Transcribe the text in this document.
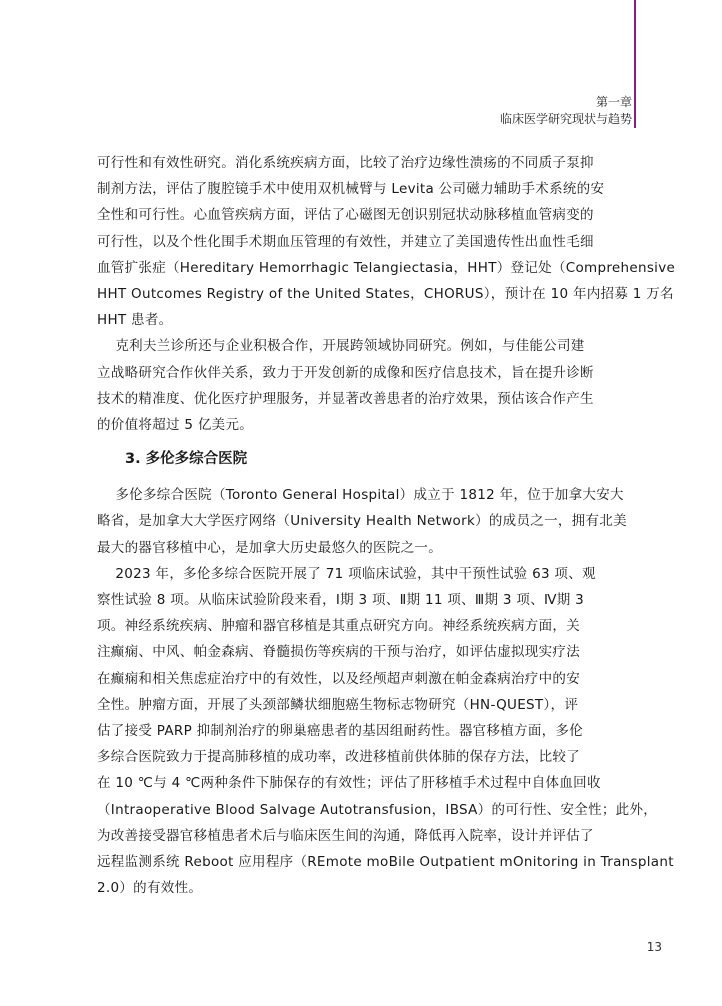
第一章
临床医学研究现状与趋势
可行性和有效性研究。消化系统疾病方面，比较了治疗边缘性溃疡的不同质子泵抑
制剂方法，评估了腹腔镜手术中使用双机械臂与 Levita 公司磁力辅助手术系统的安
全性和可行性。心血管疾病方面，评估了心磁图无创识别冠状动脉移植血管病变的
可行性，以及个性化围手术期血压管理的有效性，并建立了美国遗传性出血性毛细
血管扩张症（Hereditary Hemorrhagic Telangiectasia，HHT）登记处（Comprehensive
HHT Outcomes Registry of the United States，CHORUS），预计在 10 年内招募 1 万名
HHT 患者。
克利夫兰诊所还与企业积极合作，开展跨领域协同研究。例如，与佳能公司建
立战略研究合作伙伴关系，致力于开发创新的成像和医疗信息技术，旨在提升诊断
技术的精准度、优化医疗护理服务，并显著改善患者的治疗效果，预估该合作产生
的价值将超过 5 亿美元。
3. 多伦多综合医院
多伦多综合医院（Toronto General Hospital）成立于 1812 年，位于加拿大安大
略省，是加拿大大学医疗网络（University Health Network）的成员之一，拥有北美
最大的器官移植中心，是加拿大历史最悠久的医院之一。
2023 年，多伦多综合医院开展了 71 项临床试验，其中干预性试验 63 项、观
察性试验 8 项。从临床试验阶段来看，Ⅰ期 3 项、Ⅱ期 11 项、Ⅲ期 3 项、Ⅳ期 3
项。神经系统疾病、肿瘤和器官移植是其重点研究方向。神经系统疾病方面，关
注癫痫、中风、帕金森病、脊髓损伤等疾病的干预与治疗，如评估虚拟现实疗法
在癫痫和相关焦虑症治疗中的有效性，以及经颅超声刺激在帕金森病治疗中的安
全性。肿瘤方面，开展了头颈部鳞状细胞癌生物标志物研究（HN-QUEST），评
估了接受 PARP 抑制剂治疗的卵巢癌患者的基因组耐药性。器官移植方面，多伦
多综合医院致力于提高肺移植的成功率，改进移植前供体肺的保存方法，比较了
在 10 ℃与 4 ℃两种条件下肺保存的有效性；评估了肝移植手术过程中自体血回收
（Intraoperative Blood Salvage Autotransfusion，IBSA）的可行性、安全性；此外，
为改善接受器官移植患者术后与临床医生间的沟通，降低再入院率，设计并评估了
远程监测系统 Reboot 应用程序（REmote moBile Outpatient mOnitoring in Transplant
2.0）的有效性。
13
